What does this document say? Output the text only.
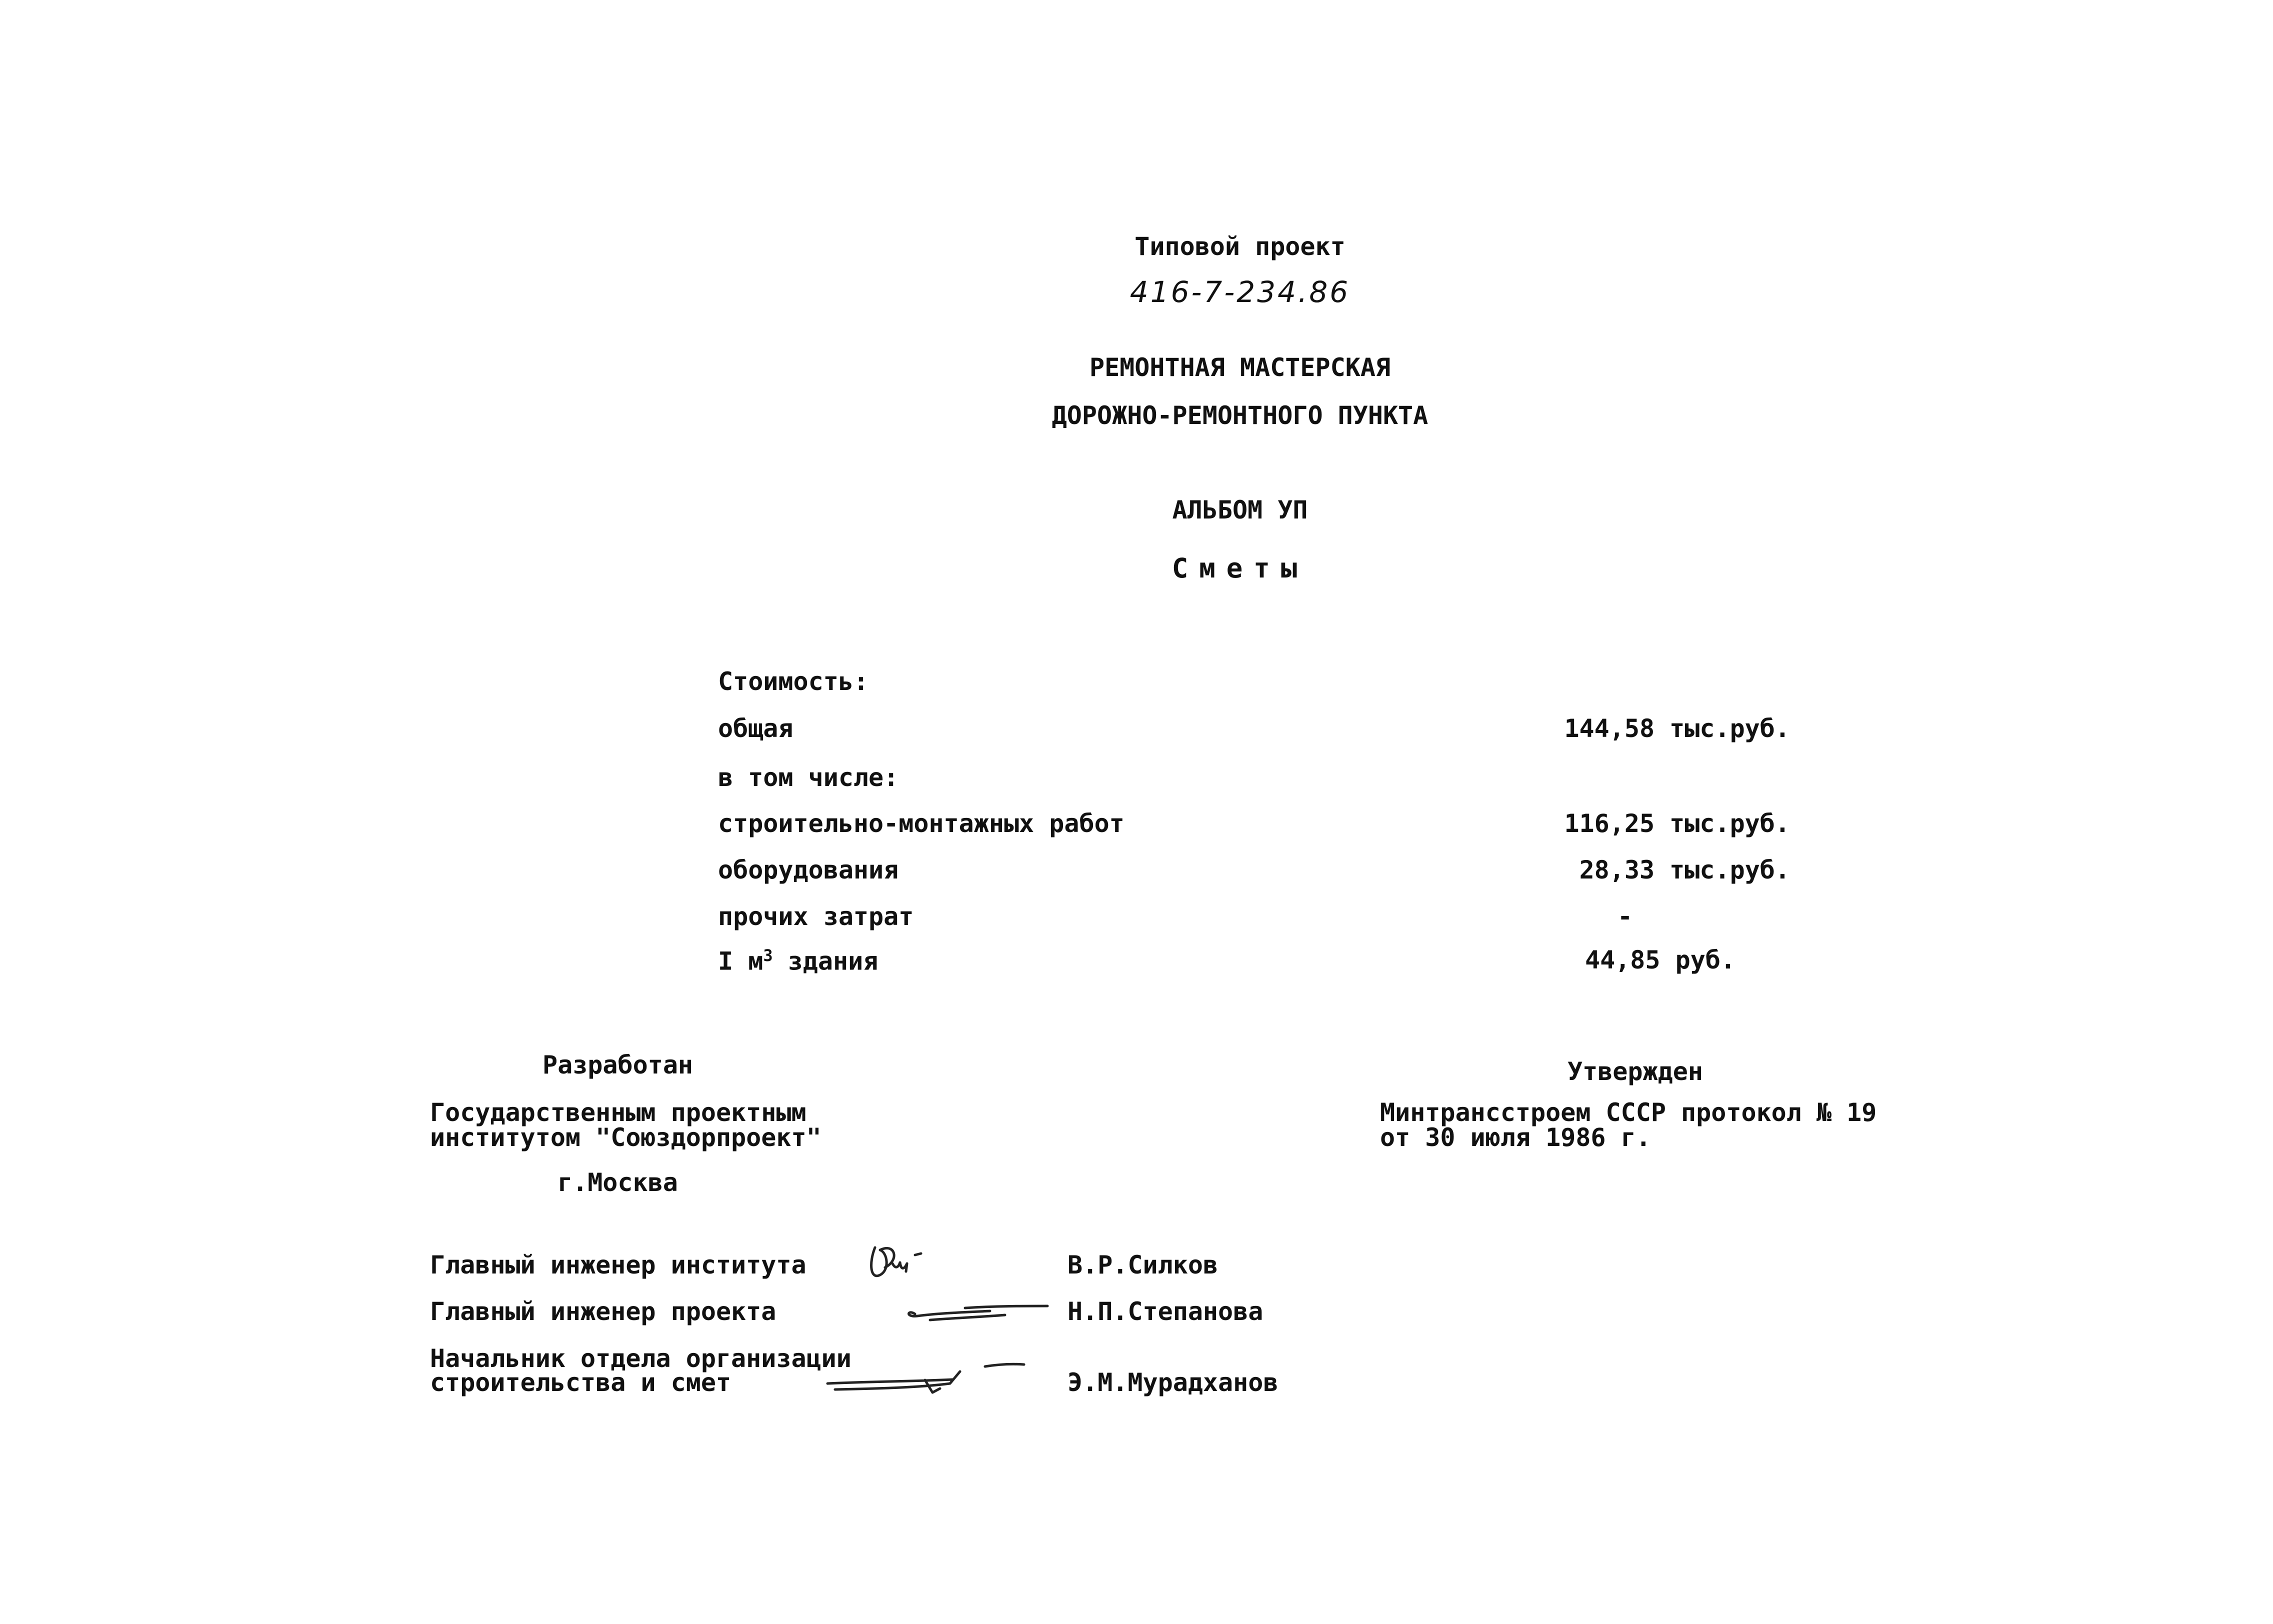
Типовой проект
416-7-234.86
РЕМОНТНАЯ МАСТЕРСКАЯ
ДОРОЖНО-РЕМОНТНОГО ПУНКТА
АЛЬБОМ УП
Сметы
Стоимость:
общая	144,58 тыс.руб.
в том числе:
строительно-монтажных работ	116,25 тыс.руб.
оборудования	28,33 тыс.руб.
прочих затрат	-
I $м^3$ здания	44,85 руб.
Разработан
Государственным проектным
институтом "Союздорпроект"
г.Москва
Утвержден
Минтрансстроем СССР протокол № 19
от 30 июля 1986 г.
Главный инженер института	В.Р.Силков
Главный инженер проекта	Н.П.Степанова
Начальник отдела организации
строительства и смет	Э.М.Мурадханов
